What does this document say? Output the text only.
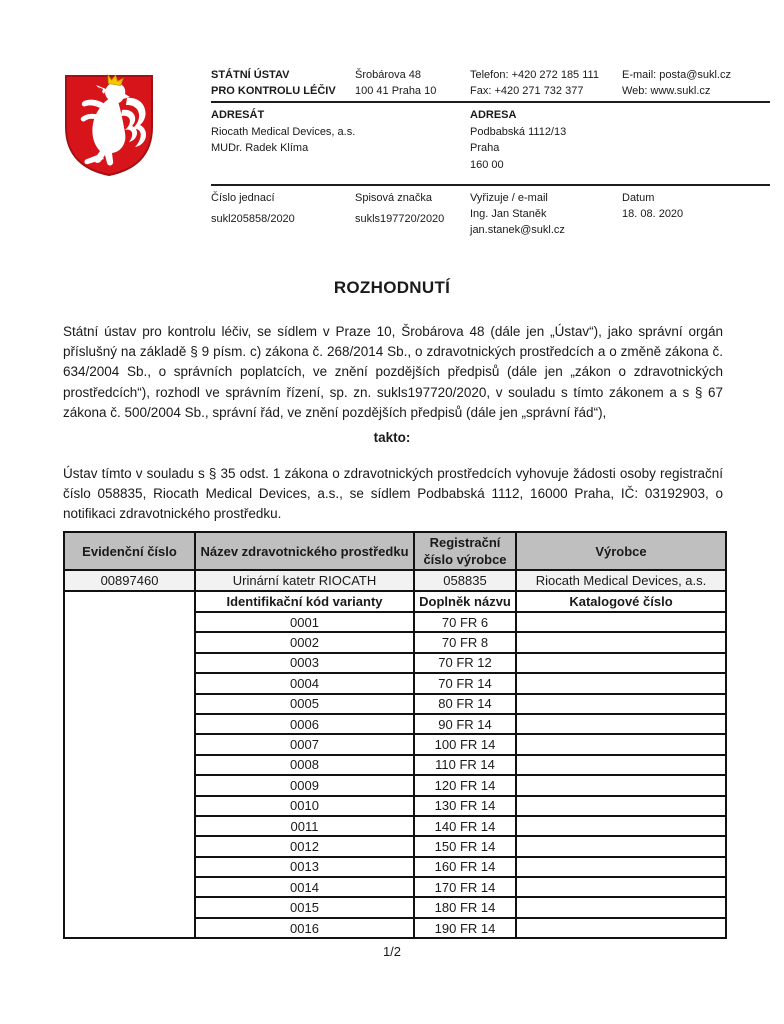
STÁTNÍ ÚSTAV
PRO KONTROLU LÉČIV
Šrobárova 48
100 41 Praha 10
Telefon: +420 272 185 111
Fax: +420 271 732 377
E-mail: posta@sukl.cz
Web: www.sukl.cz
ADRESÁT
Riocath Medical Devices, a.s.
MUDr. Radek Klíma
ADRESA
Podbabská 1112/13
Praha
160 00
Číslo jednací
sukl205858/2020
Spisová značka
sukls197720/2020
Vyřizuje / e-mail
Ing. Jan Staněk
jan.stanek@sukl.cz
Datum
18. 08. 2020
ROZHODNUTÍ

Státní ústav pro kontrolu léčiv, se sídlem v Praze 10, Šrobárova 48 (dále jen „Ústav“), jako správní orgán příslušný na základě § 9 písm. c) zákona č. 268/2014 Sb., o zdravotnických prostředcích a o změně zákona č. 634/2004 Sb., o správních poplatcích, ve znění pozdějších předpisů (dále jen „zákon o zdravotnických prostředcích“), rozhodl ve správním řízení, sp. zn. sukls197720/2020, v souladu s tímto zákonem a s § 67 zákona č. 500/2004 Sb., správní řád, ve znění pozdějších předpisů (dále jen „správní řád“),

takto:

Ústav tímto v souladu s § 35 odst. 1 zákona o zdravotnických prostředcích vyhovuje žádosti osoby registrační číslo 058835, Riocath Medical Devices, a.s., se sídlem Podbabská 1112, 16000 Praha, IČ: 03192903, o notifikaci zdravotnického prostředku.

Evidenční číslo	Název zdravotnického prostředku	Registrační číslo výrobce	Výrobce
00897460	Urinární katetr RIOCATH	058835	Riocath Medical Devices, a.s.
	Identifikační kód varianty	Doplněk názvu	Katalogové číslo
	0001	70 FR 6	
	0002	70 FR 8	
	0003	70 FR 12	
	0004	70 FR 14	
	0005	80 FR 14	
	0006	90 FR 14	
	0007	100 FR 14	
	0008	110 FR 14	
	0009	120 FR 14	
	0010	130 FR 14	
	0011	140 FR 14	
	0012	150 FR 14	
	0013	160 FR 14	
	0014	170 FR 14	
	0015	180 FR 14	
	0016	190 FR 14	
1/2
